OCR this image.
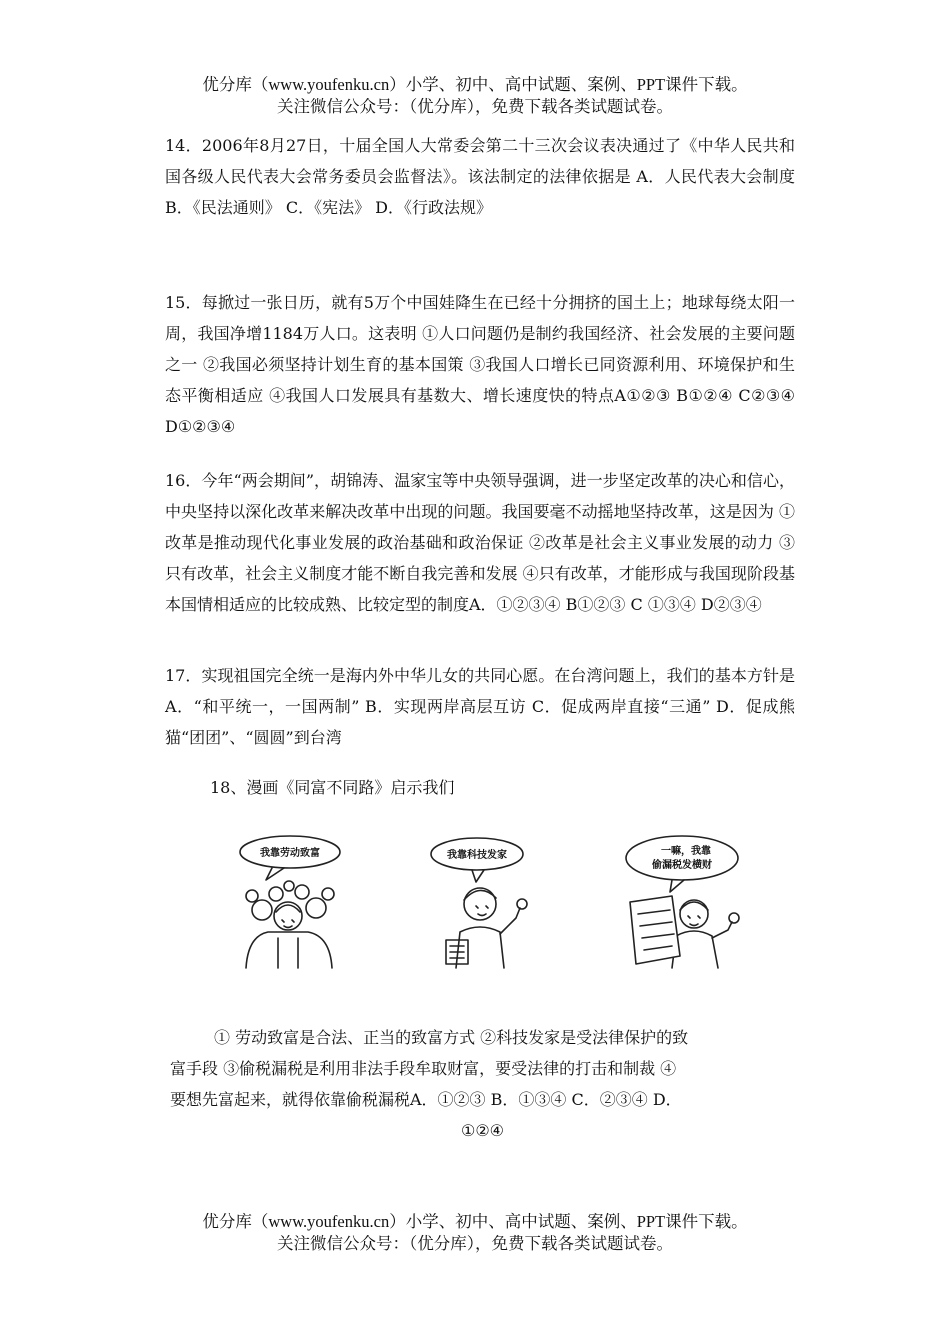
优分库（www.youfenku.cn）小学、初中、高中试题、案例、PPT课件下载。
关注微信公众号：（优分库），免费下载各类试题试卷。

14．2006年8月27日，十届全国人大常委会第二十三次会议表决通过了《中华人民共和国各级人民代表大会常务委员会监督法》。该法制定的法律依据是 A．人民代表大会制度 B．《民法通则》 C．《宪法》 D．《行政法规》

15．每掀过一张日历，就有5万个中国娃降生在已经十分拥挤的国土上；地球每绕太阳一周，我国净增1184万人口。这表明 ①人口问题仍是制约我国经济、社会发展的主要问题之一 ②我国必须坚持计划生育的基本国策 ③我国人口增长已同资源利用、环境保护和生态平衡相适应 ④我国人口发展具有基数大、增长速度快的特点A①②③ B①②④ C②③④ D①②③④

16．今年“两会期间”，胡锦涛、温家宝等中央领导强调，进一步坚定改革的决心和信心，中央坚持以深化改革来解决改革中出现的问题。我国要毫不动摇地坚持改革，这是因为 ①改革是推动现代化事业发展的政治基础和政治保证 ②改革是社会主义事业发展的动力 ③只有改革，社会主义制度才能不断自我完善和发展 ④只有改革，才能形成与我国现阶段基本国情相适应的比较成熟、比较定型的制度A．①②③④ B①②③ C ①③④ D②③④

17．实现祖国完全统一是海内外中华儿女的共同心愿。在台湾问题上，我们的基本方针是A．“和平统一，一国两制” B．实现两岸高层互访 C．促成两岸直接“三通” D．促成熊猫“团团”、“圆圆”到台湾

18、漫画《同富不同路》启示我们

我靠劳动致富	我靠科技发家	一嘛，我靠
偷漏税发横财
① 劳动致富是合法、正当的致富方式 ②科技发家是受法律保护的致
富手段 ③偷税漏税是利用非法手段牟取财富，要受法律的打击和制裁 ④
要想先富起来，就得依靠偷税漏税A．①②③ B．①③④ C．②③④ D．
①②④
优分库（www.youfenku.cn）小学、初中、高中试题、案例、PPT课件下载。
关注微信公众号：（优分库），免费下载各类试题试卷。
